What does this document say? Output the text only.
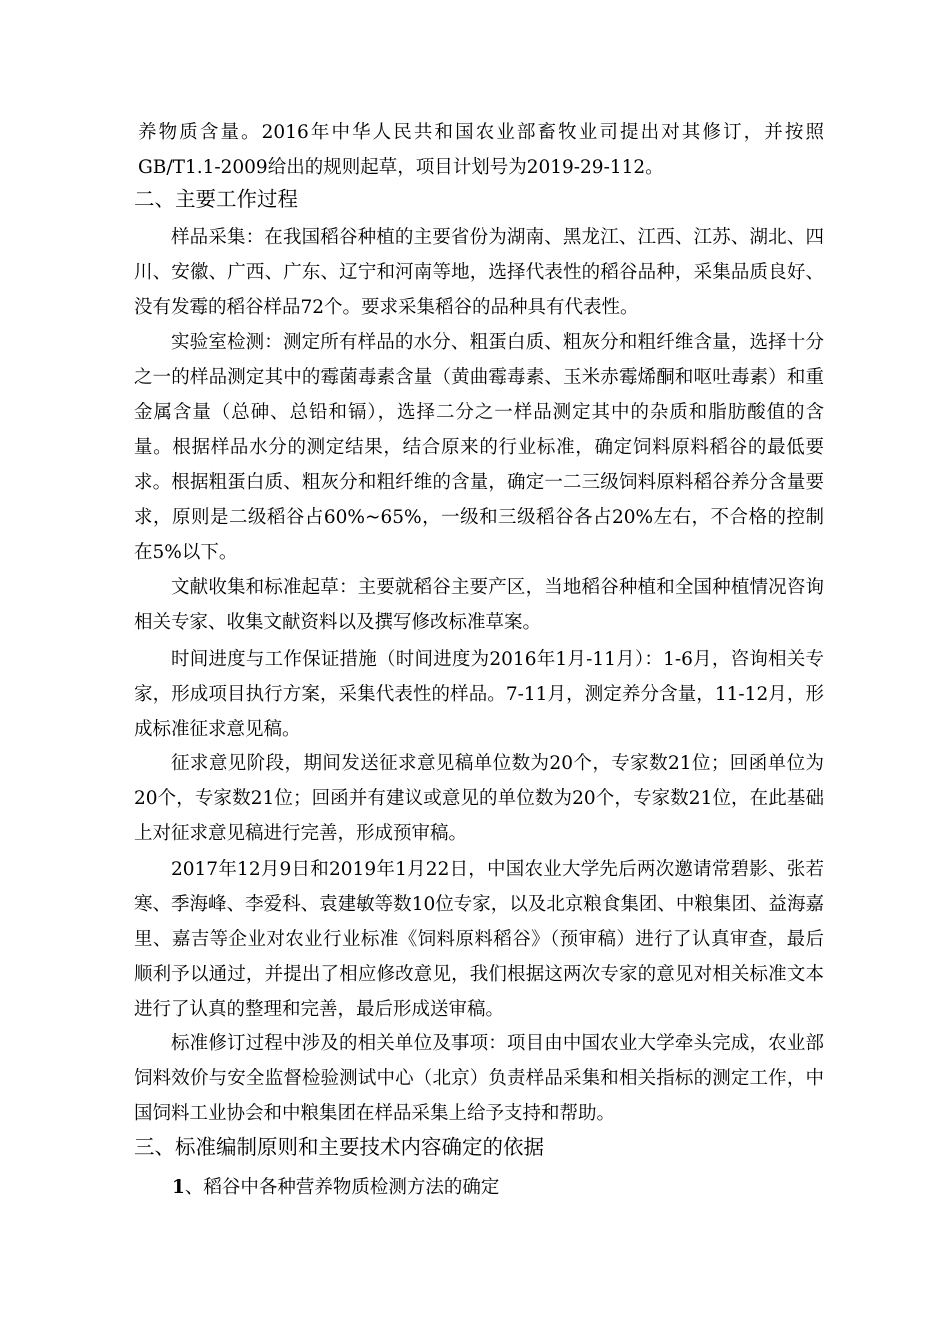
养物质含量。2016年中华人民共和国农业部畜牧业司提出对其修订，并按照GB/T1.1-2009给出的规则起草，项目计划号为2019-29-112。

二、主要工作过程

样品采集：在我国稻谷种植的主要省份为湖南、黑龙江、江西、江苏、湖北、四川、安徽、广西、广东、辽宁和河南等地，选择代表性的稻谷品种，采集品质良好、没有发霉的稻谷样品72个。要求采集稻谷的品种具有代表性。

实验室检测：测定所有样品的水分、粗蛋白质、粗灰分和粗纤维含量，选择十分之一的样品测定其中的霉菌毒素含量（黄曲霉毒素、玉米赤霉烯酮和呕吐毒素）和重金属含量（总砷、总铅和镉），选择二分之一样品测定其中的杂质和脂肪酸值的含量。根据样品水分的测定结果，结合原来的行业标准，确定饲料原料稻谷的最低要求。根据粗蛋白质、粗灰分和粗纤维的含量，确定一二三级饲料原料稻谷养分含量要求，原则是二级稻谷占60%~65%，一级和三级稻谷各占20%左右，不合格的控制在5%以下。

文献收集和标准起草：主要就稻谷主要产区，当地稻谷种植和全国种植情况咨询相关专家、收集文献资料以及撰写修改标准草案。

时间进度与工作保证措施（时间进度为2016年1月-11月）：1-6月，咨询相关专家，形成项目执行方案，采集代表性的样品。7-11月，测定养分含量，11-12月，形成标准征求意见稿。

征求意见阶段，期间发送征求意见稿单位数为20个，专家数21位；回函单位为20个，专家数21位；回函并有建议或意见的单位数为20个，专家数21位，在此基础上对征求意见稿进行完善，形成预审稿。

2017年12月9日和2019年1月22日，中国农业大学先后两次邀请常碧影、张若寒、季海峰、李爱科、袁建敏等数10位专家，以及北京粮食集团、中粮集团、益海嘉里、嘉吉等企业对农业行业标准《饲料原料稻谷》（预审稿）进行了认真审查，最后顺利予以通过，并提出了相应修改意见，我们根据这两次专家的意见对相关标准文本进行了认真的整理和完善，最后形成送审稿。

标准修订过程中涉及的相关单位及事项：项目由中国农业大学牵头完成，农业部饲料效价与安全监督检验测试中心（北京）负责样品采集和相关指标的测定工作，中国饲料工业协会和中粮集团在样品采集上给予支持和帮助。

三、标准编制原则和主要技术内容确定的依据

1、稻谷中各种营养物质检测方法的确定
